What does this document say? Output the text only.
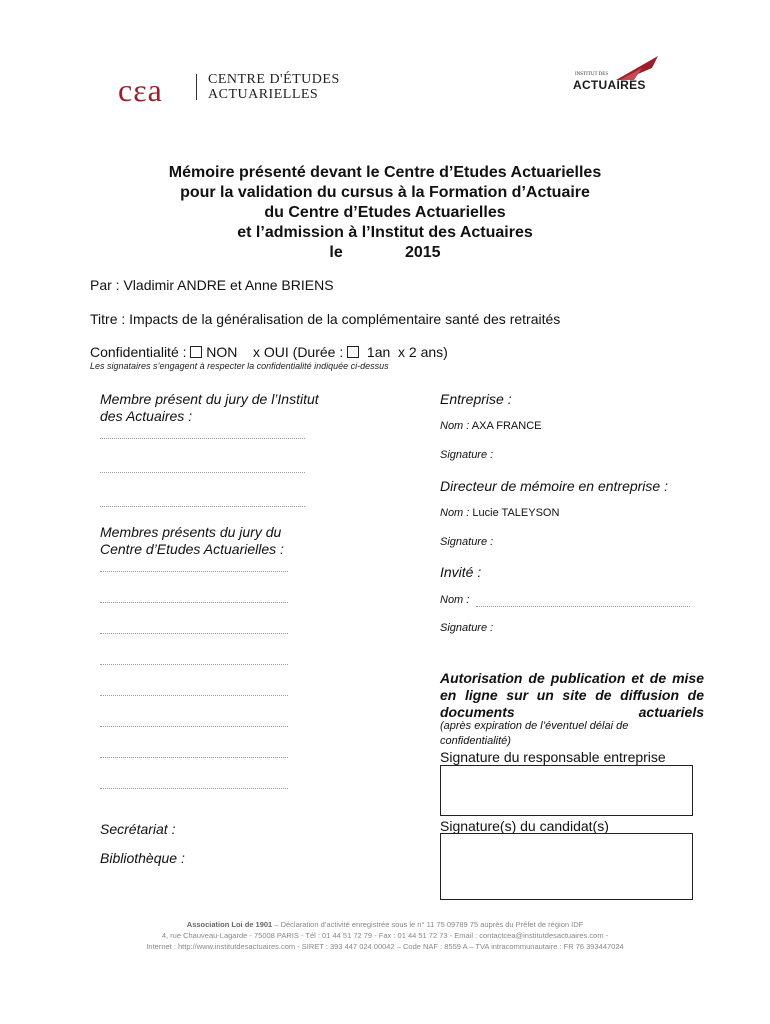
cεa	CENTRE D'ÉTUDES
ACTUARIELLES
INSTITUT DES
ACTUAIRES
Mémoire présenté devant le Centre d’Etudes Actuarielles
pour la validation du cursus à la Formation d’Actuaire
du Centre d’Etudes Actuarielles
et l’admission à l’Institut des Actuaires
le              2015
Par : Vladimir ANDRE et Anne BRIENS
Titre : Impacts de la généralisation de la complémentaire santé des retraités
Confidentialité : NON x OUI (Durée : 1an x 2 ans)
Les signataires s’engagent à respecter la confidentialité indiquée ci-dessus
Membre présent du jury de l’Institut des Actuaires :
Membres présents du jury du Centre d’Etudes Actuarielles :
Secrétariat :
Bibliothèque :
Entreprise :
Nom : AXA FRANCE
Signature :
Directeur de mémoire en entreprise :
Nom : Lucie TALEYSON
Signature :
Invité :
Nom :
Signature :
Autorisation de publication et de mise en ligne sur un site de diffusion de documents actuariels
(après expiration de l’éventuel délai de confidentialité)
Signature du responsable entreprise
Signature(s) du candidat(s)
Association Loi de 1901 – Déclaration d’activité enregistrée sous le n° 11 75 09789 75 auprès du Préfet de région IDF
4, rue Chauveau-Lagarde - 75008 PARIS - Tél : 01 44 51 72 79 - Fax : 01 44 51 72 73 - Email : contactcea@institutdesactuaires.com -
Internet : http://www.institutdesactuaires.com - SIRET : 393 447 024 00042 – Code NAF : 8559 A – TVA intracommunautaire : FR 76 393447024
